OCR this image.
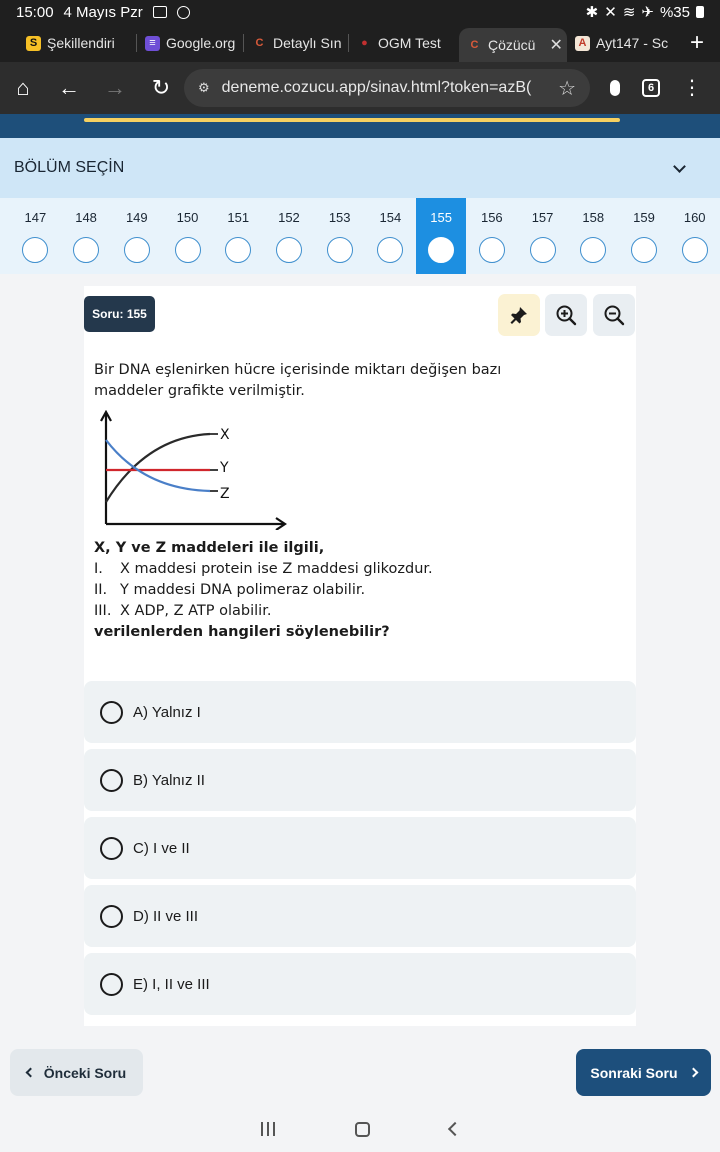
15:00 4 Mayıs Pzr	✱ ✕ ≋ ✈ %35
S Şekillendiri	≡ Google.org	C Detaylı Sın	● OGM Test	C Çözücü ✕	A Ayt147 - Sc +
⌂	←	→	↻	⚙ deneme.cozucu.app/sinav.html?token=azB(	☆	6 ⋮
BÖLÜM SEÇİN
147 148 149 150 151 152 153 154 155 156 157 158 159 160
Soru: 155
Bir DNA eşlenirken hücre içerisinde miktarı değişen bazı
maddeler grafikte verilmiştir.
X
Y
Z
X, Y ve Z maddeleri ile ilgili,
I.	X maddesi protein ise Z maddesi glikozdur.
II. Y maddesi DNA polimeraz olabilir.
III. X ADP, Z ATP olabilir.
verilenlerden hangileri söylenebilir?
A) Yalnız I
B) Yalnız II
C) I ve II
D) II ve III
E) I, II ve III
Önceki Soru	Sonraki Soru
